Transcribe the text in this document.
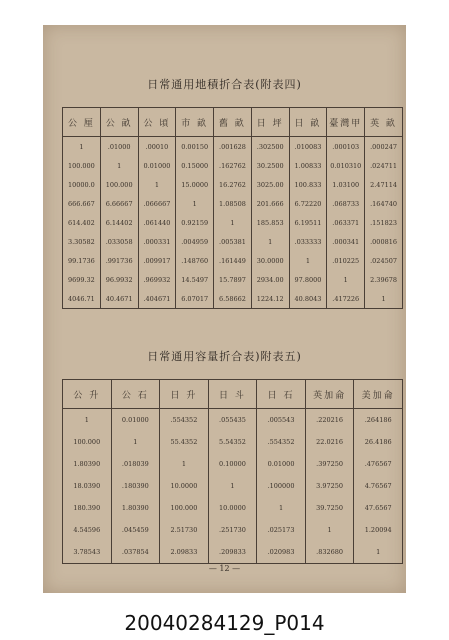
日常通用地積折合表(附表四)
公 厘	公 畝	公 頃	市 畝	舊 畝	日 坪	日 畝	臺灣甲	英 畝
1	.01000	.00010	0.00150	.001628	.302500	.010083	.000103	.000247
100.000	1	0.01000	0.15000	.162762	30.2500	1.00833	0.010310	.024711
10000.0	100.000	1	15.0000	16.2762	3025.00	100.833	1.03100	2.47114
666.667	6.66667	.066667	1	1.08508	201.666	6.72220	.068733	.164740
614.402	6.14402	.061440	0.92159	1	185.853	6.19511	.063371	.151823
3.30582	.033058	.000331	.004959	.005381	1	.033333	.000341	.000816
99.1736	.991736	.009917	.148760	.161449	30.0000	1	.010225	.024507
9699.32	96.9932	.969932	14.5497	15.7897	2934.00	97.8000	1	2.39678
4046.71	40.4671	.404671	6.07017	6.58662	1224.12	40.8043	.417226	1
日常通用容量折合表)附表五)
公 升	公 石	日 升	日 斗	日 石	英加侖	美加侖
1	0.01000	.554352	.055435	.005543	.220216	.264186
100.000	1	55.4352	5.54352	.554352	22.0216	26.4186
1.80390	.018039	1	0.10000	0.01000	.397250	.476567
18.0390	.180390	10.0000	1	.100000	3.97250	4.76567
180.390	1.80390	100.000	10.0000	1	39.7250	47.6567
4.54596	.045459	2.51730	.251730	.025173	1	1.20094
3.78543	.037854	2.09833	.209833	.020983	.832680	1
— 12 —
20040284129_P014
